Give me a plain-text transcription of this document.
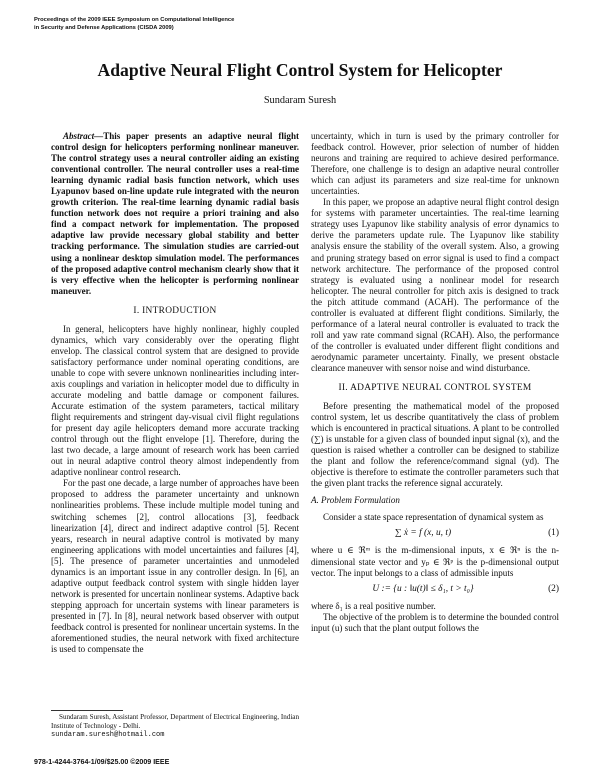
Proceedings of the 2009 IEEE Symposium on Computational Intelligence
in Security and Defense Applications (CISDA 2009)
Adaptive Neural Flight Control System for Helicopter
Sundaram Suresh

Abstract—This paper presents an adaptive neural flight control design for helicopters performing nonlinear maneuver. The control strategy uses a neural controller aiding an existing conventional controller. The neural controller uses a real-time learning dynamic radial basis function network, which uses Lyapunov based on-line update rule integrated with the neuron growth criterion. The real-time learning dynamic radial basis function network does not require a priori training and also find a compact network for implementation. The proposed adaptive law provide necessary global stability and better tracking performance. The simulation studies are carried-out using a nonlinear desktop simulation model. The performances of the proposed adaptive control mechanism clearly show that it is very effective when the helicopter is performing nonlinear maneuver.

I. INTRODUCTION

In general, helicopters have highly nonlinear, highly coupled dynamics, which vary considerably over the operating flight envelop. The classical control system that are designed to provide satisfactory performance under nominal operating conditions, are unable to cope with severe unknown nonlinearities including inter-axis couplings and variation in helicopter model due to difficulty in accurate modeling and battle damage or component failures. Accurate estimation of the system parameters, tactical military flight requirements and stringent day-visual civil flight regulations for present day agile helicopters demand more accurate tracking control through out the flight envelope [1]. Therefore, during the last two decade, a large amount of research work has been carried out in neural adaptive control theory almost independently from adaptive nonlinear control research.

For the past one decade, a large number of approaches have been proposed to address the parameter uncertainty and unknown nonlinearities problems. These include multiple model tuning and switching schemes [2], control allocations [3], feedback linearization [4], direct and indirect adaptive control [5]. Recent years, research in neural adaptive control is motivated by many engineering applications with model uncertainties and failures [4], [5]. The presence of parameter uncertainties and unmodeled dynamics is an important issue in any controller design. In [6], an adaptive output feedback control system with single hidden layer network is presented for uncertain nonlinear systems. Adaptive back stepping approach for uncertain systems with linear parameters is presented in [7]. In [8], neural network based observer with output feedback control is presented for nonlinear uncertain systems. In the aforementioned studies, the neural network with fixed architecture is used to compensate the

uncertainty, which in turn is used by the primary controller for feedback control. However, prior selection of number of hidden neurons and training are required to achieve desired performance. Therefore, one challenge is to design an adaptive neural controller which can adjust its parameters and size real-time for unknown uncertainties.

In this paper, we propose an adaptive neural flight control design for systems with parameter uncertainties. The real-time learning strategy uses Lyapunov like stability analysis of error dynamics to derive the parameters update rule. The Lyapunov like stability analysis ensure the stability of the overall system. Also, a growing and pruning strategy based on error signal is used to find a compact network architecture. The performance of the proposed control strategy is evaluated using a nonlinear model for research helicopter. The neural controller for pitch axis is designed to track the pitch attitude command (ACAH). The performance of the controller is evaluated at different flight conditions. Similarly, the performance of a lateral neural controller is evaluated to track the roll and yaw rate command signal (RCAH). Also, the performance of the controller is evaluated under different flight conditions and aerodynamic parameter uncertainty. Finally, we present obstacle clearance maneuver with sensor noise and wind disturbance.

II. ADAPTIVE NEURAL CONTROL SYSTEM

Before presenting the mathematical model of the proposed control system, let us describe quantitatively the class of problem which is encountered in practical situations. A plant to be controlled (∑) is unstable for a given class of bounded input signal (x), and the question is raised whether a controller can be designed to stabilize the plant and follow the reference/command signal (yd). The objective is therefore to estimate the controller parameters such that the given plant tracks the reference signal accurately.

A. Problem Formulation

Consider a state space representation of dynamical system as

∑ ẋ = f (x, u, t)	(1)

where u ∈ ℜᵐ is the m-dimensional inputs, x ∈ ℜⁿ is the n-dimensional state vector and yₚ ∈ ℜᵖ is the p-dimensional output vector. The input belongs to a class of admissible inputs

U := {u : ‖u(t)‖ ≤ δ₁, t > t₀}	(2)

where δ₁ is a real positive number.

The objective of the problem is to determine the bounded control input (u) such that the plant output follows the

Sundaram Suresh, Assistant Professor, Department of Electrical Engineering, Indian Institute of Technology - Delhi.
sundaram.suresh@hotmail.com
978-1-4244-3764-1/09/$25.00 ©2009 IEEE
